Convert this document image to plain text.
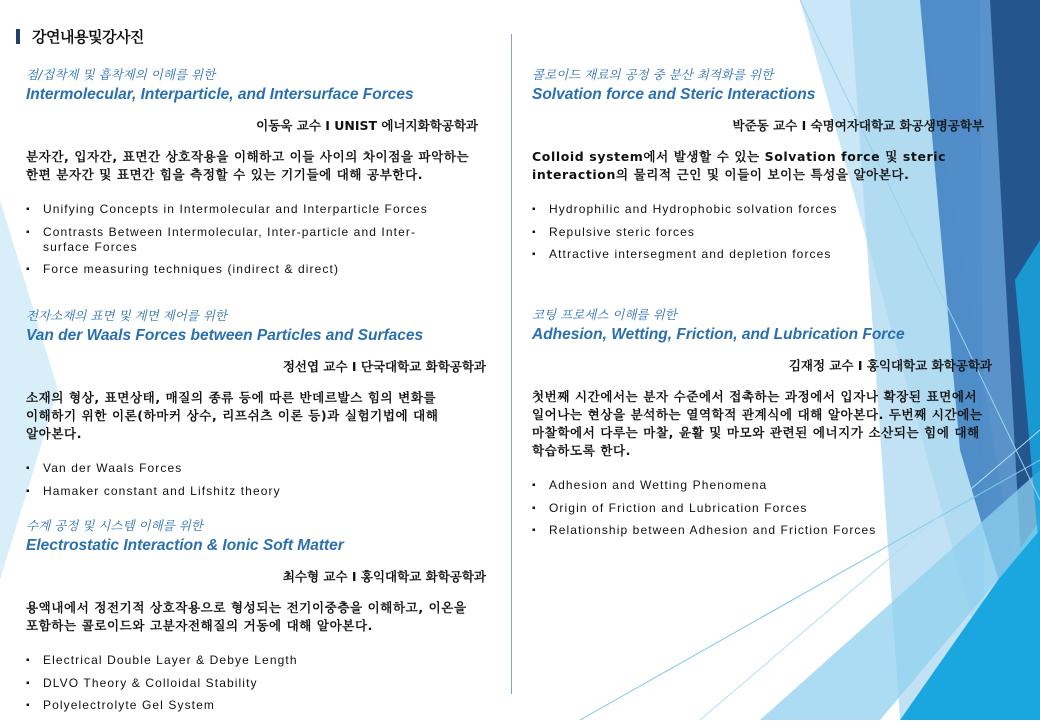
강연내용및강사진
점/접착제 및 흡착제의 이해를 위한
Intermolecular, Interparticle, and Intersurface Forces
이동욱 교수 I UNIST 에너지화학공학과
분자간, 입자간, 표면간 상호작용을 이해하고 이들 사이의 차이점을 파악하는 한편 분자간 및 표면간 힘을 측정할 수 있는 기기들에 대해 공부한다.
▪ Unifying Concepts in Intermolecular and Interparticle Forces
▪ Contrasts Between Intermolecular, Inter-particle and Inter-surface Forces
▪ Force measuring techniques (indirect & direct)
전자소재의 표면 및 계면 제어를 위한
Van der Waals Forces between Particles and Surfaces
정선엽 교수 I 단국대학교 화학공학과
소재의 형상, 표면상태, 매질의 종류 등에 따른 반데르발스 힘의 변화를 이해하기 위한 이론(하마커 상수, 리프쉬츠 이론 등)과 실험기법에 대해 알아본다.
▪ Van der Waals Forces
▪ Hamaker constant and Lifshitz theory
수계 공정 및 시스템 이해를 위한
Electrostatic Interaction & Ionic Soft Matter
최수형 교수 I 홍익대학교 화학공학과
용액내에서 정전기적 상호작용으로 형성되는 전기이중층을 이해하고, 이온을 포함하는 콜로이드와 고분자전해질의 거동에 대해 알아본다.
▪ Electrical Double Layer & Debye Length
▪ DLVO Theory & Colloidal Stability
▪ Polyelectrolyte Gel System
콜로이드 재료의 공정 중 분산 최적화를 위한
Solvation force and Steric Interactions
박준동 교수 I 숙명여자대학교 화공생명공학부
Colloid system에서 발생할 수 있는 Solvation force 및 steric interaction의 물리적 근인 및 이들이 보이는 특성을 알아본다.
▪ Hydrophilic and Hydrophobic solvation forces
▪ Repulsive steric forces
▪ Attractive intersegment and depletion forces
코팅 프로세스 이해를 위한
Adhesion, Wetting, Friction, and Lubrication Force
김재정 교수 I 홍익대학교 화학공학과
첫번째 시간에서는 분자 수준에서 접촉하는 과정에서 입자나 확장된 표면에서 일어나는 현상을 분석하는 열역학적 관계식에 대해 알아본다. 두번째 시간에는 마찰학에서 다루는 마찰, 윤활 및 마모와 관련된 에너지가 소산되는 힘에 대해 학습하도록 한다.
▪ Adhesion and Wetting Phenomena
▪ Origin of Friction and Lubrication Forces
▪ Relationship between Adhesion and Friction Forces
